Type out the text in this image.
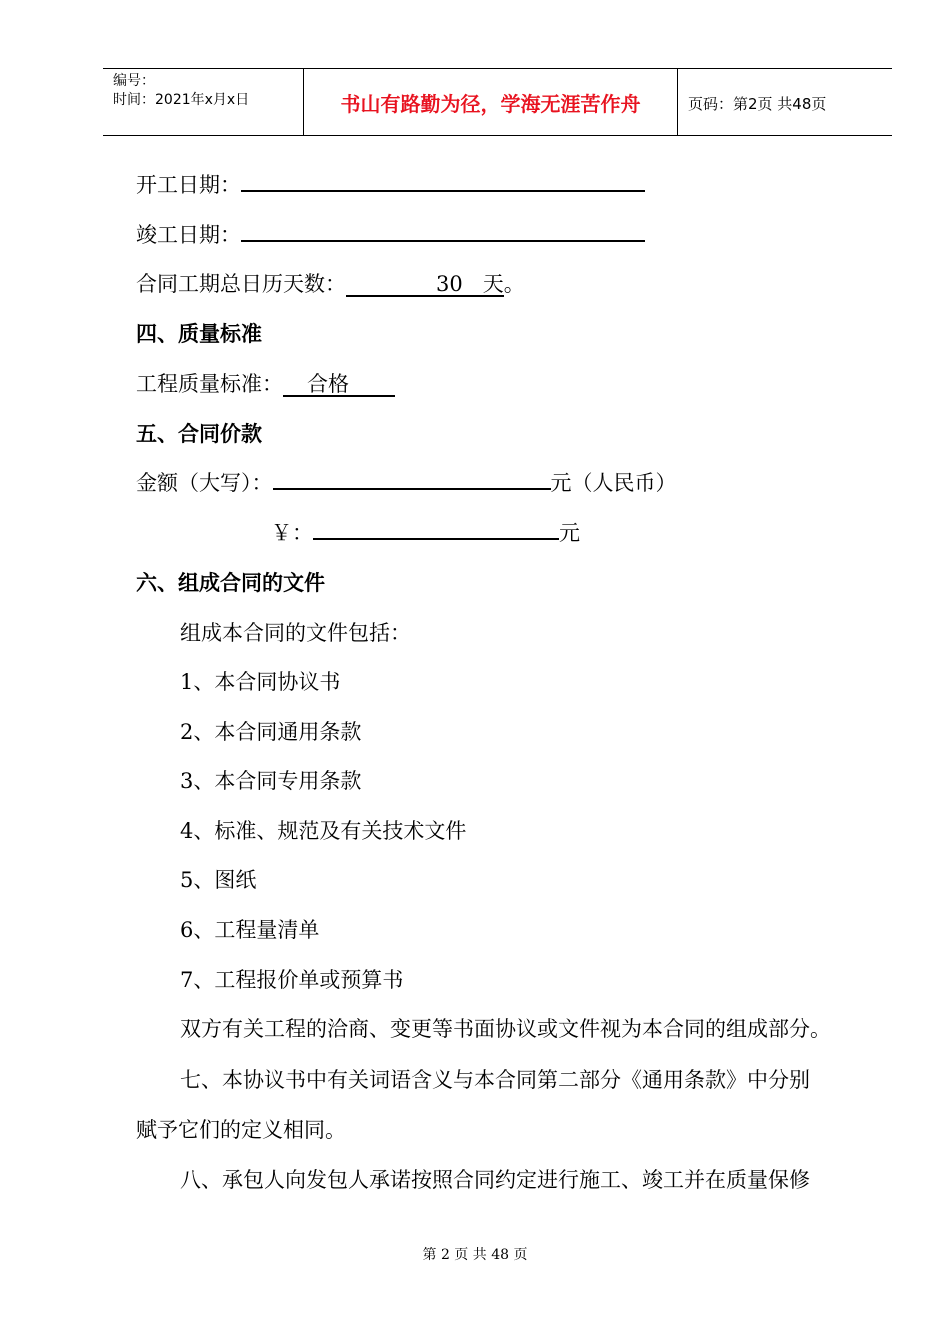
编号：
时间：2021年x月x日	书山有路勤为径，学海无涯苦作舟	页码：第2页 共48页
开工日期：
竣工日期：
合同工期总日历天数：	30 天。
四、质量标准
工程质量标准： 合格
五、合同价款
金额（大写）：	元（人民币）
￥：	元
六、组成合同的文件
组成本合同的文件包括：
1、本合同协议书
2、本合同通用条款
3、本合同专用条款
4、标准、规范及有关技术文件
5、图纸
6、工程量清单
7、工程报价单或预算书
双方有关工程的洽商、变更等书面协议或文件视为本合同的组成部分。
七、本协议书中有关词语含义与本合同第二部分《通用条款》中分别
赋予它们的定义相同。
八、承包人向发包人承诺按照合同约定进行施工、竣工并在质量保修
第 2 页 共 48 页
